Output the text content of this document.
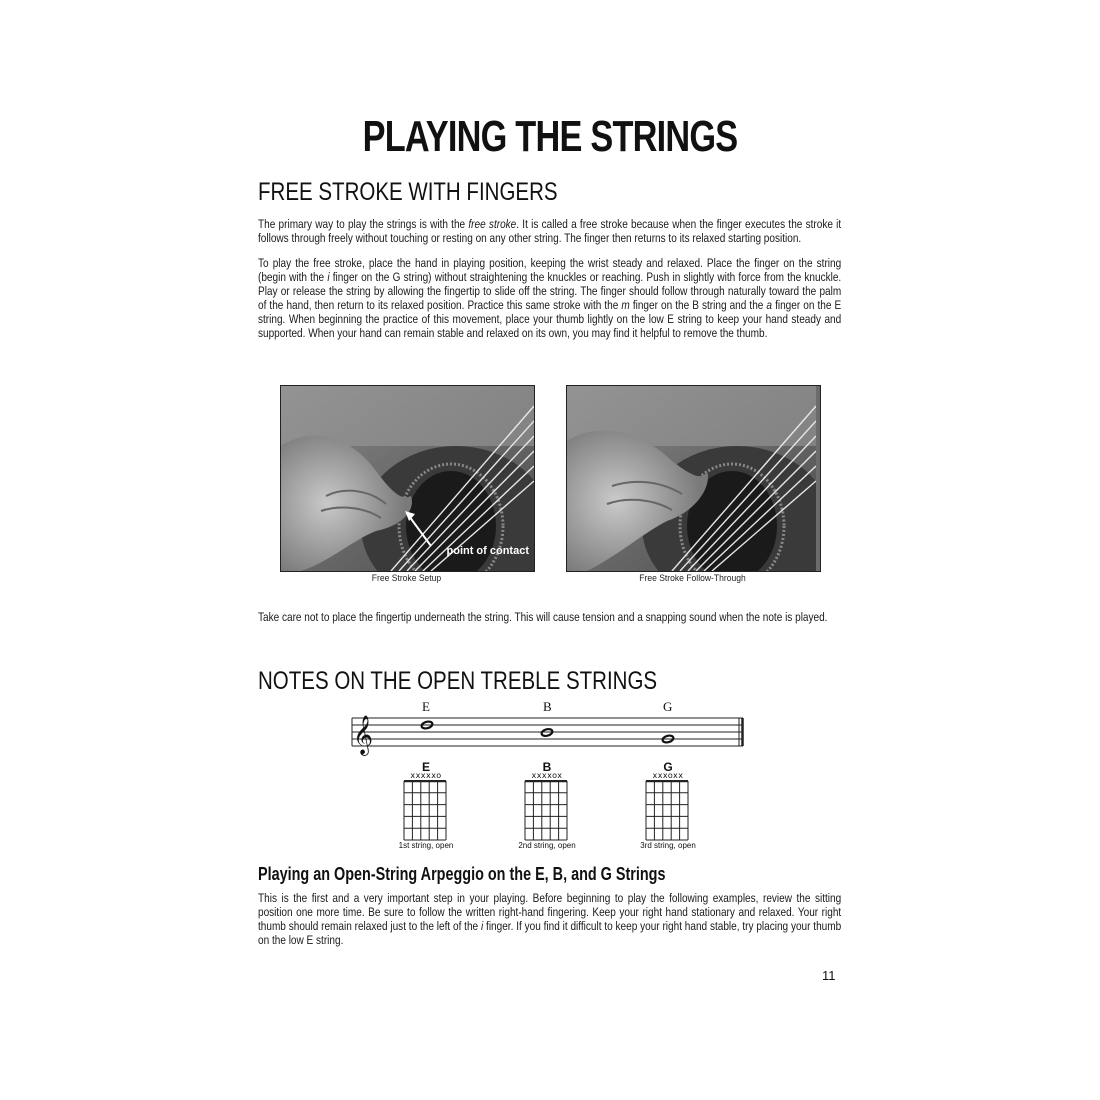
PLAYING THE STRINGS
FREE STROKE WITH FINGERS
The primary way to play the strings is with the free stroke. It is called a free stroke because when the finger executes the stroke it follows through freely without touching or resting on any other string. The finger then returns to its relaxed starting position.
To play the free stroke, place the hand in playing position, keeping the wrist steady and relaxed. Place the finger on the string (begin with the i finger on the G string) without straightening the knuckles or reaching. Push in slightly with force from the knuckle. Play or release the string by allowing the fingertip to slide off the string. The finger should follow through naturally toward the palm of the hand, then return to its relaxed position. Practice this same stroke with the m finger on the B string and the a finger on the E string. When beginning the practice of this movement, place your thumb lightly on the low E string to keep your hand steady and supported. When your hand can remain stable and relaxed on its own, you may find it helpful to remove the thumb.
point of contact
Free Stroke Setup	Free Stroke Follow-Through
Take care not to place the fingertip underneath the string. This will cause tension and a snapping sound when the note is played.
NOTES ON THE OPEN TREBLE STRINGS
E	B	G
𝄞
E	B	G
xxxxxo	xxxxox	xxxoxx
1st string, open	2nd string, open	3rd string, open
Playing an Open-String Arpeggio on the E, B, and G Strings
This is the first and a very important step in your playing. Before beginning to play the following examples, review the sitting position one more time. Be sure to follow the written right-hand fingering. Keep your right hand stationary and relaxed. Your right thumb should remain relaxed just to the left of the i finger. If you find it difficult to keep your right hand stable, try placing your thumb on the low E string.
11
